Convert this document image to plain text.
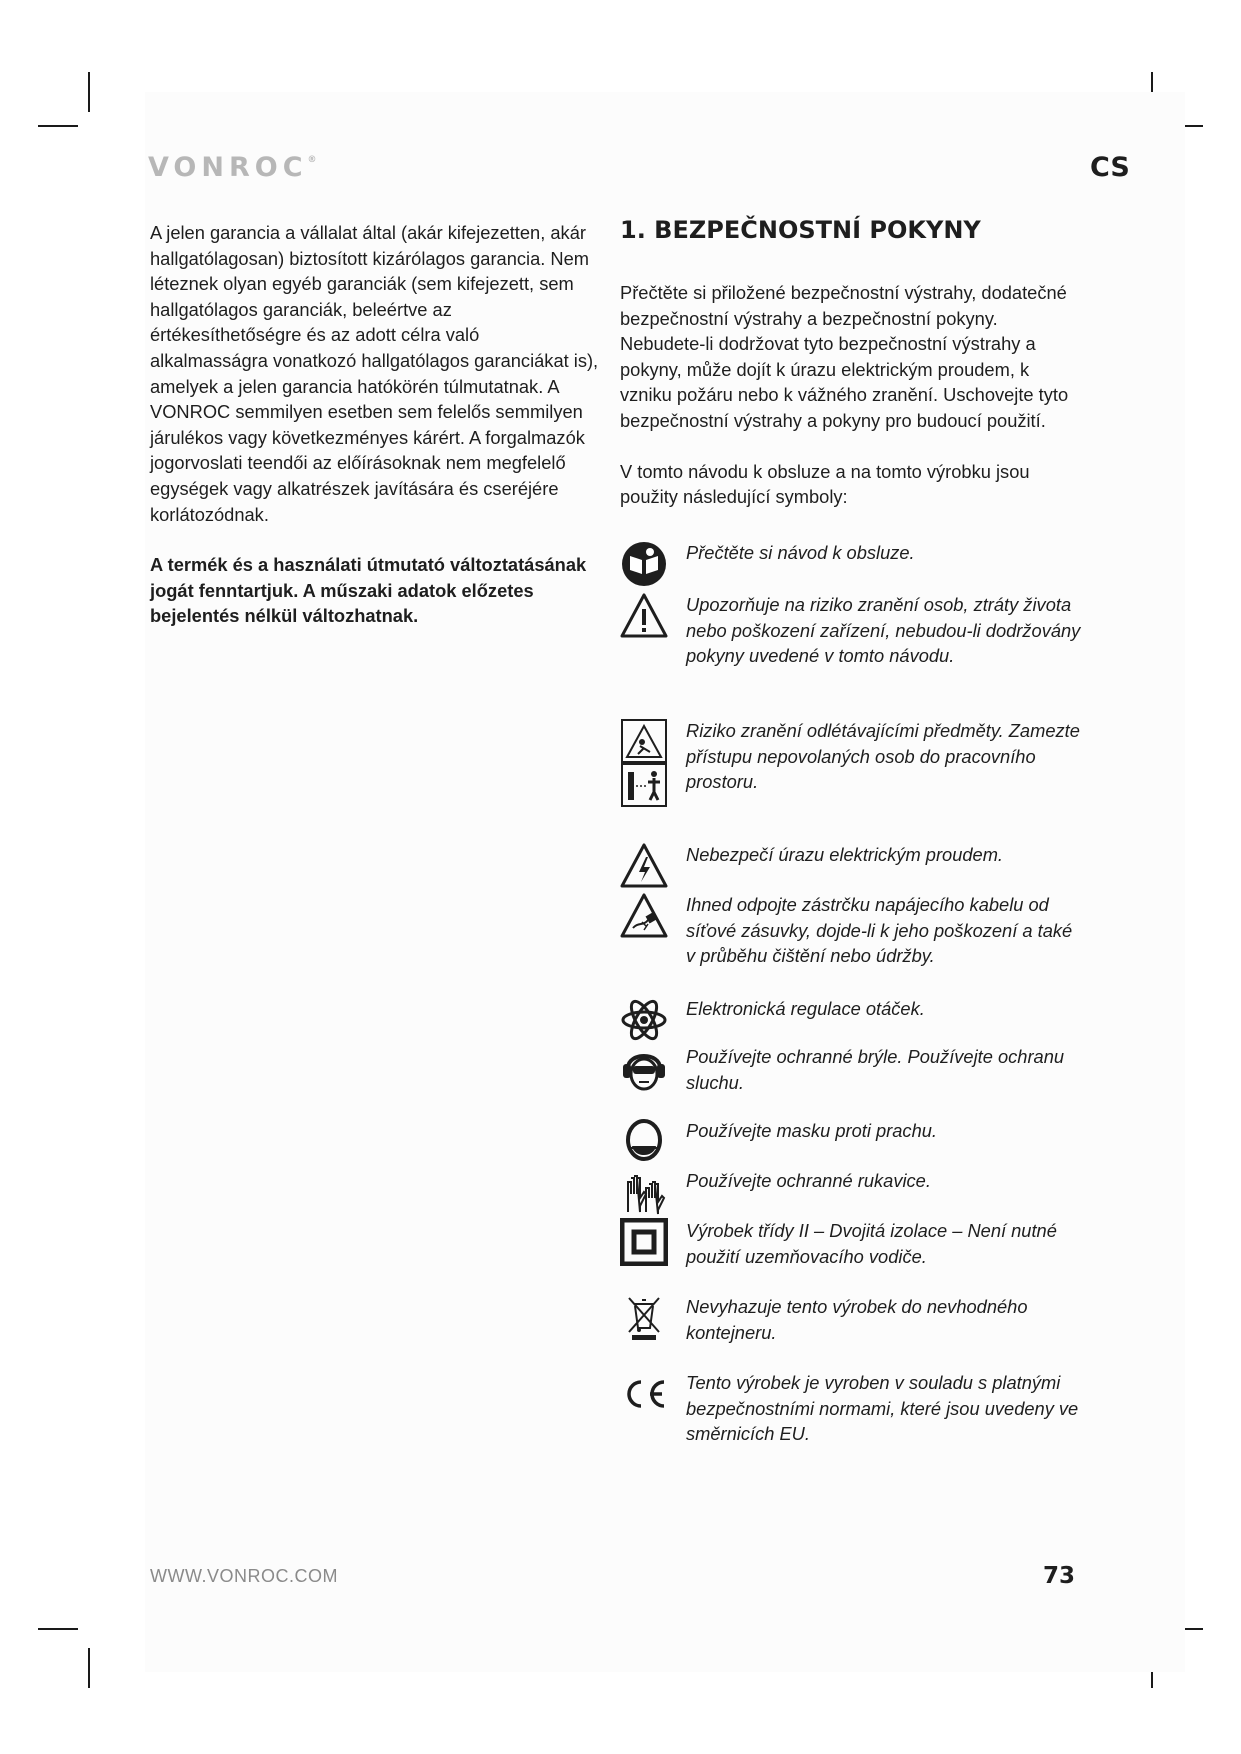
VONROC®	CS

A jelen garancia a vállalat által (akár kifejezetten, akár hallgatólagosan) biztosított kizárólagos garancia. Nem léteznek olyan egyéb garanciák (sem kifejezett, sem hallgatólagos garanciák, beleértve az értékesíthetőségre és az adott célra való alkalmasságra vonatkozó hallgatólagos garanciákat is), amelyek a jelen garancia hatókörén túlmutatnak. A VONROC semmilyen esetben sem felelős semmilyen járulékos vagy következményes kárért. A forgalmazók jogorvoslati teendői az előírásoknak nem megfelelő egységek vagy alkatrészek javítására és cseréjére korlátozódnak.

A termék és a használati útmutató változtatásának jogát fenntartjuk. A műszaki adatok előzetes bejelentés nélkül változhatnak.

1. BEZPEČNOSTNÍ POKYNY

Přečtěte si přiložené bezpečnostní výstrahy, dodatečné bezpečnostní výstrahy a bezpečnostní pokyny. Nebudete-li dodržovat tyto bezpečnostní výstrahy a pokyny, může dojít k úrazu elektrickým proudem, k vzniku požáru nebo k vážného zranění. Uschovejte tyto bezpečnostní výstrahy a pokyny pro budoucí použití.

V tomto návodu k obsluze a na tomto výrobku jsou použity následující symboly:

Přečtěte si návod k obsluze.
Upozorňuje na riziko zranění osob, ztráty života nebo poškození zařízení, nebudou-li dodržovány pokyny uvedené v tomto návodu.
Riziko zranění odlétávajícími předměty. Zamezte přístupu nepovolaných osob do pracovního prostoru.
Nebezpečí úrazu elektrickým proudem.
Ihned odpojte zástrčku napájecího kabelu od síťové zásuvky, dojde-li k jeho poškození a také v průběhu čištění nebo údržby.
Elektronická regulace otáček.
Používejte ochranné brýle. Používejte ochranu sluchu.
Používejte masku proti prachu.
Používejte ochranné rukavice.
Výrobek třídy II – Dvojitá izolace – Není nutné použití uzemňovacího vodiče.
Nevyhazuje tento výrobek do nevhodného kontejneru.
Tento výrobek je vyroben v souladu s platnými bezpečnostními normami, které jsou uvedeny ve směrnicích EU.
WWW.VONROC.COM	73
